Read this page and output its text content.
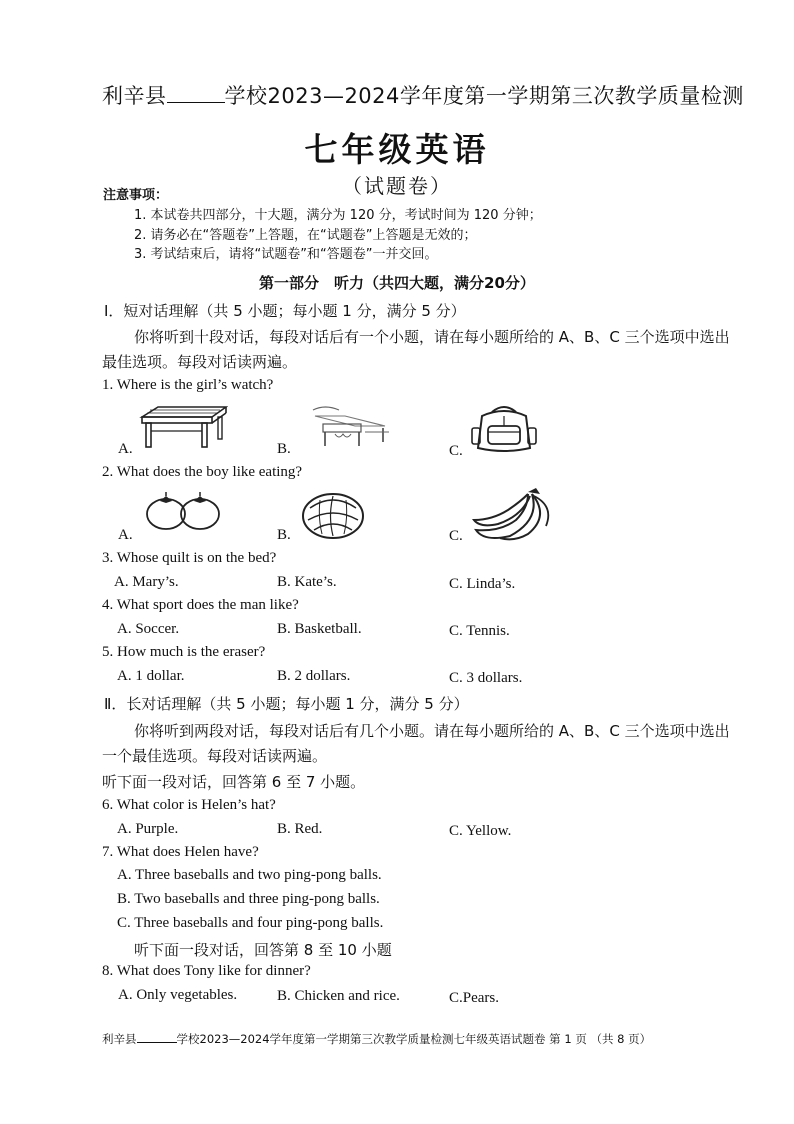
利辛县	学校2023—2024学年度第一学期第三次教学质量检测
七年级英语
（试题卷）
注意事项：
1. 本试卷共四部分，十大题，满分为 120 分，考试时间为 120 分钟；
2. 请务必在“答题卷”上答题，在“试题卷”上答题是无效的；
3. 考试结束后，请将“试题卷”和“答题卷”一并交回。
第一部分　听力（共四大题，满分20分）
Ⅰ．短对话理解（共 5 小题；每小题 1 分，满分 5 分）
你将听到十段对话，每段对话后有一个小题，请在每小题所给的 A、B、C 三个选项中选出
最佳选项。每段对话读两遍。
1. Where is the girl’s watch?
A.	B.	C.
2. What does the boy like eating?
A.	B.	C.
3. Whose quilt is on the bed?
A. Mary’s.	B. Kate’s.	C. Linda’s.
4. What sport does the man like?
A. Soccer.	B. Basketball.	C. Tennis.
5. How much is the eraser?
A. 1 dollar.	B. 2 dollars.	C. 3 dollars.
Ⅱ．长对话理解（共 5 小题；每小题 1 分，满分 5 分）
你将听到两段对话，每段对话后有几个小题。请在每小题所给的 A、B、C 三个选项中选出
一个最佳选项。每段对话读两遍。
听下面一段对话，回答第 6 至 7 小题。
6. What color is Helen’s hat?
A. Purple.	B. Red.	C. Yellow.
7. What does Helen have?
A. Three baseballs and two ping-pong balls.
B. Two baseballs and three ping-pong balls.
C. Three baseballs and four ping-pong balls.
听下面一段对话，回答第 8 至 10 小题
8. What does Tony like for dinner?
A. Only vegetables.	B. Chicken and rice.	C.Pears.
利辛县	学校2023—2024学年度第一学期第三次教学质量检测七年级英语试题卷 第 1 页 （共 8 页）
